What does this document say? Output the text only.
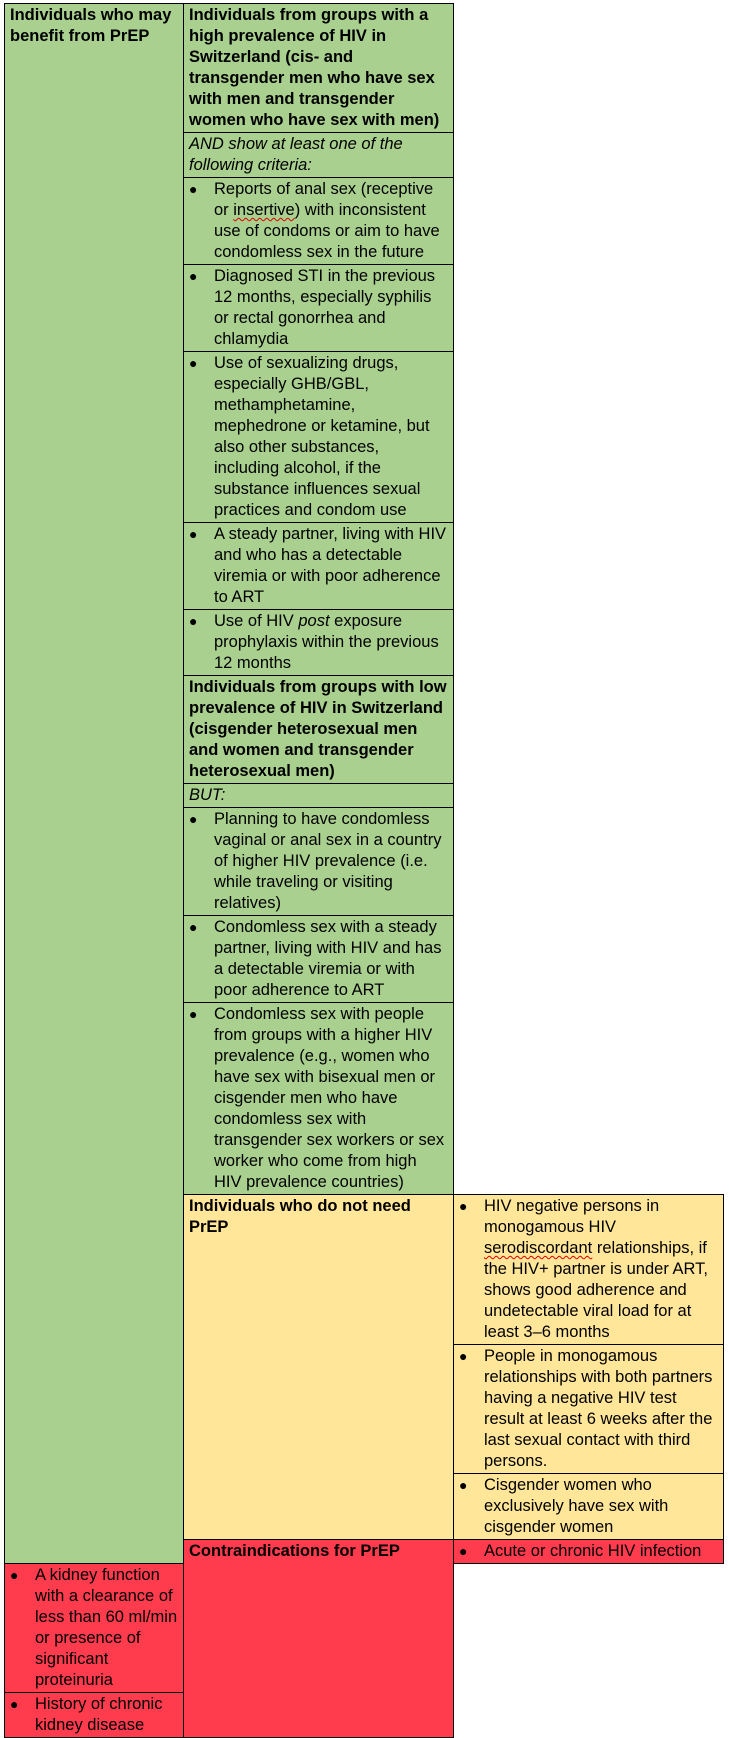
Individuals who may benefit from PrEP	Individuals from groups with a high prevalence of HIV in Switzerland (cis- and transgender men who have sex with men and transgender women who have sex with men)	
	AND show at least one of the following criteria:	

	● Reports of anal sex (receptive or insertive) with inconsistent use of condoms or aim to have condomless sex in the future	

	● Diagnosed STI in the previous 12 months, especially syphilis or rectal gonorrhea and chlamydia	

	● Use of sexualizing drugs, especially GHB/GBL, methamphetamine, mephedrone or ketamine, but also other substances, including alcohol, if the substance influences sexual practices and condom use	

	● A steady partner, living with HIV and who has a detectable viremia or with poor adherence to ART	

	● Use of HIV post exposure prophylaxis within the previous 12 months	

	Individuals from groups with low prevalence of HIV in Switzerland (cisgender heterosexual men and women and transgender heterosexual men)	
	BUT:	

	● Planning to have condomless vaginal or anal sex in a country of higher HIV prevalence (i.e. while traveling or visiting relatives)	

	● Condomless sex with a steady partner, living with HIV and has a detectable viremia or with poor adherence to ART	

	● Condomless sex with people from groups with a higher HIV prevalence (e.g., women who have sex with bisexual men or cisgender men who have condomless sex with transgender sex workers or sex worker who come from high HIV prevalence countries)	

	Individuals who do not need PrEP	● HIV negative persons in monogamous HIV serodiscordant relationships, if the HIV+ partner is under ART, shows good adherence and undetectable viral load for at least 3–6 months

		● People in monogamous relationships with both partners having a negative HIV test result at least 6 weeks after the last sexual contact with third persons.

		● Cisgender women who exclusively have sex with cisgender women

	Contraindications for PrEP	● Acute or chronic HIV infection

● A kidney function with a clearance of less than 60 ml/min or presence of significant proteinuria		

● History of chronic kidney disease		
